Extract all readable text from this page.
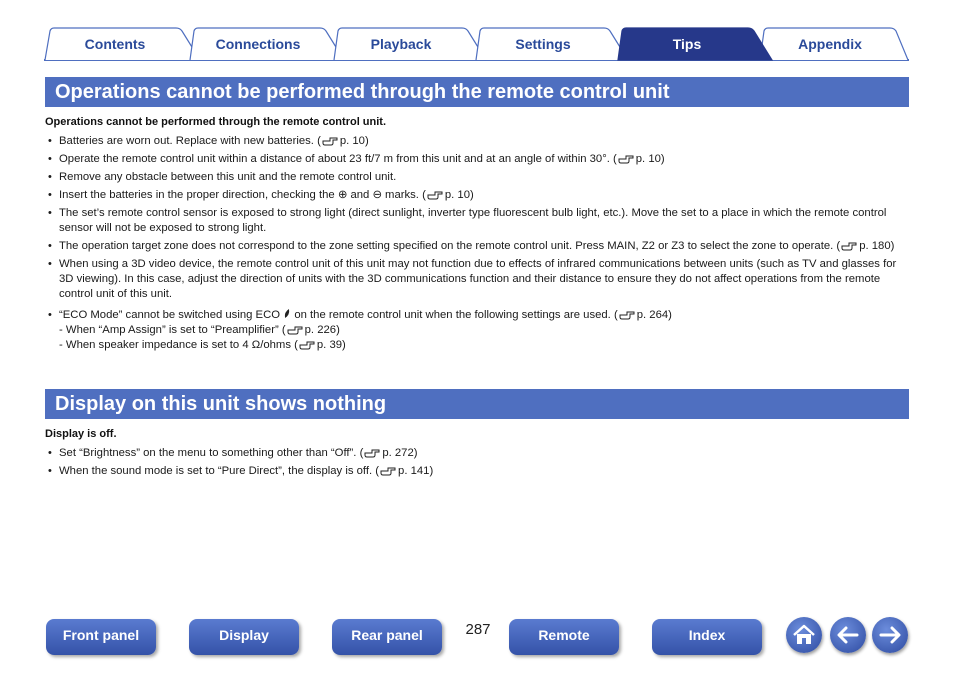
Contents	Connections	Playback	Settings	Tips	Appendix
Operations cannot be performed through the remote control unit
Operations cannot be performed through the remote control unit.
• Batteries are worn out. Replace with new batteries. ( p. 10)
• Operate the remote control unit within a distance of about 23 ft/7 m from this unit and at an angle of within 30°. ( p. 10)
• Remove any obstacle between this unit and the remote control unit.
• Insert the batteries in the proper direction, checking the ⊕ and ⊖ marks. ( p. 10)
• The set’s remote control sensor is exposed to strong light (direct sunlight, inverter type fluorescent bulb light, etc.). Move the set to a place in which the remote control sensor will not be exposed to strong light.
• The operation target zone does not correspond to the zone setting specified on the remote control unit. Press MAIN, Z2 or Z3 to select the zone to operate. ( p. 180)
• When using a 3D video device, the remote control unit of this unit may not function due to effects of infrared communications between units (such as TV and glasses for 3D viewing). In this case, adjust the direction of units with the 3D communications function and their distance to ensure they do not affect operations from the remote control unit of this unit.
• “ECO Mode” cannot be switched using ECO on the remote control unit when the following settings are used. ( p. 264)
- When “Amp Assign” is set to “Preamplifier” ( p. 226)
- When speaker impedance is set to 4 Ω/ohms ( p. 39)
Display on this unit shows nothing
Display is off.
• Set “Brightness” on the menu to something other than “Off”. ( p. 272)
• When the sound mode is set to “Pure Direct”, the display is off. ( p. 141)
Front panel	Display	Rear panel	287	Remote	Index
